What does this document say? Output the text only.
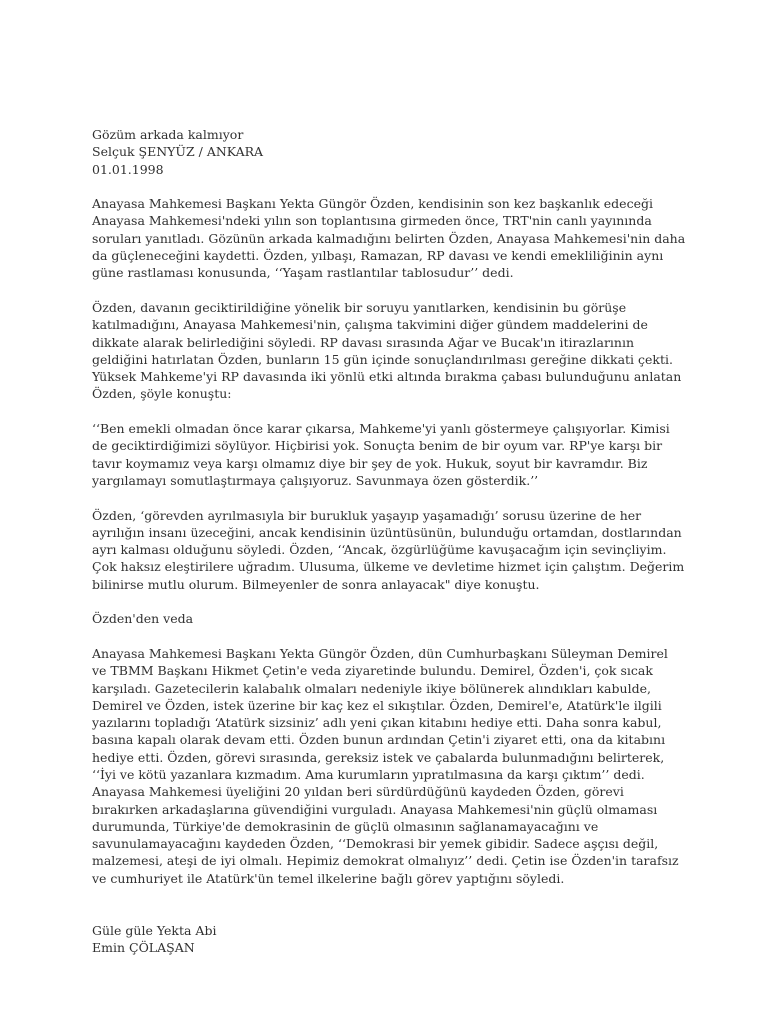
Gözüm arkada kalmıyor
Selçuk ŞENYÜZ / ANKARA
01.01.1998
Anayasa Mahkemesi Başkanı Yekta Güngör Özden, kendisinin son kez başkanlık edeceği
Anayasa Mahkemesi'ndeki yılın son toplantısına girmeden önce, TRT'nin canlı yayınında
soruları yanıtladı. Gözünün arkada kalmadığını belirten Özden, Anayasa Mahkemesi'nin daha
da güçleneceğini kaydetti. Özden, yılbaşı, Ramazan, RP davası ve kendi emekliliğinin aynı
güne rastlaması konusunda, ‘‘Yaşam rastlantılar tablosudur’’ dedi.
Özden, davanın geciktirildiğine yönelik bir soruyu yanıtlarken, kendisinin bu görüşe
katılmadığını, Anayasa Mahkemesi'nin, çalışma takvimini diğer gündem maddelerini de
dikkate alarak belirlediğini söyledi. RP davası sırasında Ağar ve Bucak'ın itirazlarının
geldiğini hatırlatan Özden, bunların 15 gün içinde sonuçlandırılması gereğine dikkati çekti.
Yüksek Mahkeme'yi RP davasında iki yönlü etki altında bırakma çabası bulunduğunu anlatan
Özden, şöyle konuştu:
‘‘Ben emekli olmadan önce karar çıkarsa, Mahkeme'yi yanlı göstermeye çalışıyorlar. Kimisi
de geciktirdiğimizi söylüyor. Hiçbirisi yok. Sonuçta benim de bir oyum var. RP'ye karşı bir
tavır koymamız veya karşı olmamız diye bir şey de yok. Hukuk, soyut bir kavramdır. Biz
yargılamayı somutlaştırmaya çalışıyoruz. Savunmaya özen gösterdik.’’
Özden, ‘görevden ayrılmasıyla bir burukluk yaşayıp yaşamadığı’ sorusu üzerine de her
ayrılığın insanı üzeceğini, ancak kendisinin üzüntüsünün, bulunduğu ortamdan, dostlarından
ayrı kalması olduğunu söyledi. Özden, ‘‘Ancak, özgürlüğüme kavuşacağım için sevinçliyim.
Çok haksız eleştirilere uğradım. Ulusuma, ülkeme ve devletime hizmet için çalıştım. Değerim
bilinirse mutlu olurum. Bilmeyenler de sonra anlayacak" diye konuştu.
Özden'den veda
Anayasa Mahkemesi Başkanı Yekta Güngör Özden, dün Cumhurbaşkanı Süleyman Demirel
ve TBMM Başkanı Hikmet Çetin'e veda ziyaretinde bulundu. Demirel, Özden'i, çok sıcak
karşıladı. Gazetecilerin kalabalık olmaları nedeniyle ikiye bölünerek alındıkları kabulde,
Demirel ve Özden, istek üzerine bir kaç kez el sıkıştılar. Özden, Demirel'e, Atatürk'le ilgili
yazılarını topladığı ‘Atatürk sizsiniz’ adlı yeni çıkan kitabını hediye etti. Daha sonra kabul,
basına kapalı olarak devam etti. Özden bunun ardından Çetin'i ziyaret etti, ona da kitabını
hediye etti. Özden, görevi sırasında, gereksiz istek ve çabalarda bulunmadığını belirterek,
‘‘İyi ve kötü yazanlara kızmadım. Ama kurumların yıpratılmasına da karşı çıktım’’ dedi.
Anayasa Mahkemesi üyeliğini 20 yıldan beri sürdürdüğünü kaydeden Özden, görevi
bırakırken arkadaşlarına güvendiğini vurguladı. Anayasa Mahkemesi'nin güçlü olmaması
durumunda, Türkiye'de demokrasinin de güçlü olmasının sağlanamayacağını ve
savunulamayacağını kaydeden Özden, ‘‘Demokrasi bir yemek gibidir. Sadece aşçısı değil,
malzemesi, ateşi de iyi olmalı. Hepimiz demokrat olmalıyız’’ dedi. Çetin ise Özden'in tarafsız
ve cumhuriyet ile Atatürk'ün temel ilkelerine bağlı görev yaptığını söyledi.
Güle güle Yekta Abi
Emin ÇÖLAŞAN
